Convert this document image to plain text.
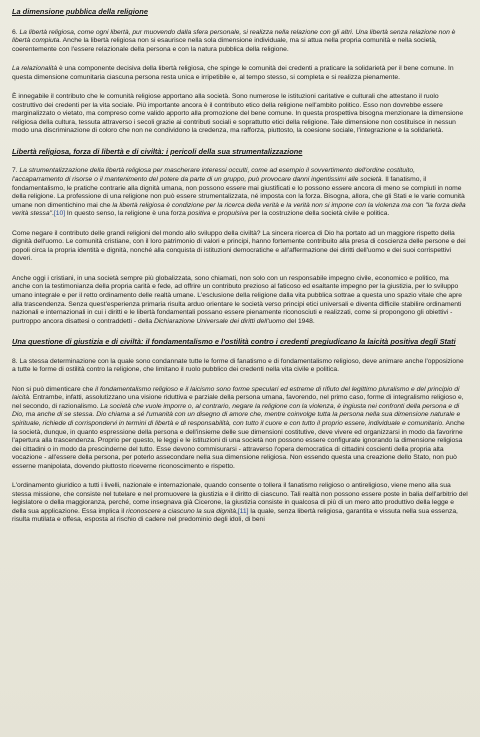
La dimensione pubblica della religione
6. La libertà religiosa, come ogni libertà, pur muovendo dalla sfera personale, si realizza nella relazione con gli altri. Una libertà senza relazione non è libertà compiuta. Anche la libertà religiosa non si esaurisce nella sola dimensione individuale, ma si attua nella propria comunità e nella società, coerentemente con l'essere relazionale della persona e con la natura pubblica della religione.
La relazionalità è una componente decisiva della libertà religiosa, che spinge le comunità dei credenti a praticare la solidarietà per il bene comune. In questa dimensione comunitaria ciascuna persona resta unica e irripetibile e, al tempo stesso, si completa e si realizza pienamente.
È innegabile il contributo che le comunità religiose apportano alla società. Sono numerose le istituzioni caritative e culturali che attestano il ruolo costruttivo dei credenti per la vita sociale. Più importante ancora è il contributo etico della religione nell'ambito politico. Esso non dovrebbe essere marginalizzato o vietato, ma compreso come valido apporto alla promozione del bene comune. In questa prospettiva bisogna menzionare la dimensione religiosa della cultura, tessuta attraverso i secoli grazie ai contributi sociali e soprattutto etici della religione. Tale dimensione non costituisce in nessun modo una discriminazione di coloro che non ne condividono la credenza, ma rafforza, piuttosto, la coesione sociale, l'integrazione e la solidarietà.
Libertà religiosa, forza di libertà e di civiltà: i pericoli della sua strumentalizzazione
7. La strumentalizzazione della libertà religiosa per mascherare interessi occulti, come ad esempio il sovvertimento dell'ordine costituito, l'accaparramento di risorse o il mantenimento del potere da parte di un gruppo, può provocare danni ingentissimi alle società. Il fanatismo, il fondamentalismo, le pratiche contrarie alla dignità umana, non possono essere mai giustificati e lo possono essere ancora di meno se compiuti in nome della religione. La professione di una religione non può essere strumentalizzata, né imposta con la forza. Bisogna, allora, che gli Stati e le varie comunità umane non dimentichino mai che la libertà religiosa è condizione per la ricerca della verità e la verità non si impone con la violenza ma con "la forza della verità stessa".[10] In questo senso, la religione è una forza positiva e propulsiva per la costruzione della società civile e politica.
Come negare il contributo delle grandi religioni del mondo allo sviluppo della civiltà? La sincera ricerca di Dio ha portato ad un maggiore rispetto della dignità dell'uomo. Le comunità cristiane, con il loro patrimonio di valori e principi, hanno fortemente contribuito alla presa di coscienza delle persone e dei popoli circa la propria identità e dignità, nonché alla conquista di istituzioni democratiche e all'affermazione dei diritti dell'uomo e dei suoi corrispettivi doveri.
Anche oggi i cristiani, in una società sempre più globalizzata, sono chiamati, non solo con un responsabile impegno civile, economico e politico, ma anche con la testimonianza della propria carità e fede, ad offrire un contributo prezioso al faticoso ed esaltante impegno per la giustizia, per lo sviluppo umano integrale e per il retto ordinamento delle realtà umane. L'esclusione della religione dalla vita pubblica sottrae a questa uno spazio vitale che apre alla trascendenza. Senza quest'esperienza primaria risulta arduo orientare le società verso principi etici universali e diventa difficile stabilire ordinamenti nazionali e internazionali in cui i diritti e le libertà fondamentali possano essere pienamente riconosciuti e realizzati, come si propongono gli obiettivi - purtroppo ancora disattesi o contraddetti - della Dichiarazione Universale dei diritti dell'uomo del 1948.
Una questione di giustizia e di civiltà: il fondamentalismo e l'ostilità contro i credenti pregiudicano la laicità positiva degli Stati
8. La stessa determinazione con la quale sono condannate tutte le forme di fanatismo e di fondamentalismo religioso, deve animare anche l'opposizione a tutte le forme di ostilità contro la religione, che limitano il ruolo pubblico dei credenti nella vita civile e politica.
Non si può dimenticare che il fondamentalismo religioso e il laicismo sono forme speculari ed estreme di rifiuto del legittimo pluralismo e del principio di laicità. Entrambe, infatti, assolutizzano una visione riduttiva e parziale della persona umana, favorendo, nel primo caso, forme di integralismo religioso e, nel secondo, di razionalismo. La società che vuole imporre o, al contrario, negare la religione con la violenza, è ingiusta nei confronti della persona e di Dio, ma anche di se stessa. Dio chiama a sé l'umanità con un disegno di amore che, mentre coinvolge tutta la persona nella sua dimensione naturale e spirituale, richiede di corrispondervi in termini di libertà e di responsabilità, con tutto il cuore e con tutto il proprio essere, individuale e comunitario. Anche la società, dunque, in quanto espressione della persona e dell'insieme delle sue dimensioni costitutive, deve vivere ed organizzarsi in modo da favorirne l'apertura alla trascendenza. Proprio per questo, le leggi e le istituzioni di una società non possono essere configurate ignorando la dimensione religiosa dei cittadini o in modo da prescinderne del tutto. Esse devono commisurarsi - attraverso l'opera democratica di cittadini coscienti della propria alta vocazione - all'essere della persona, per poterlo assecondare nella sua dimensione religiosa. Non essendo questa una creazione dello Stato, non può esserne manipolata, dovendo piuttosto riceverne riconoscimento e rispetto.
L'ordinamento giuridico a tutti i livelli, nazionale e internazionale, quando consente o tollera il fanatismo religioso o antireligioso, viene meno alla sua stessa missione, che consiste nel tutelare e nel promuovere la giustizia e il diritto di ciascuno. Tali realtà non possono essere poste in balia dell'arbitrio del legislatore o della maggioranza, perché, come insegnava già Cicerone, la giustizia consiste in qualcosa di più di un mero atto produttivo della legge e della sua applicazione. Essa implica il riconoscere a ciascuno la sua dignità,[11] la quale, senza libertà religiosa, garantita e vissuta nella sua essenza, risulta mutilata e offesa, esposta al rischio di cadere nel predominio degli idoli, di beni
